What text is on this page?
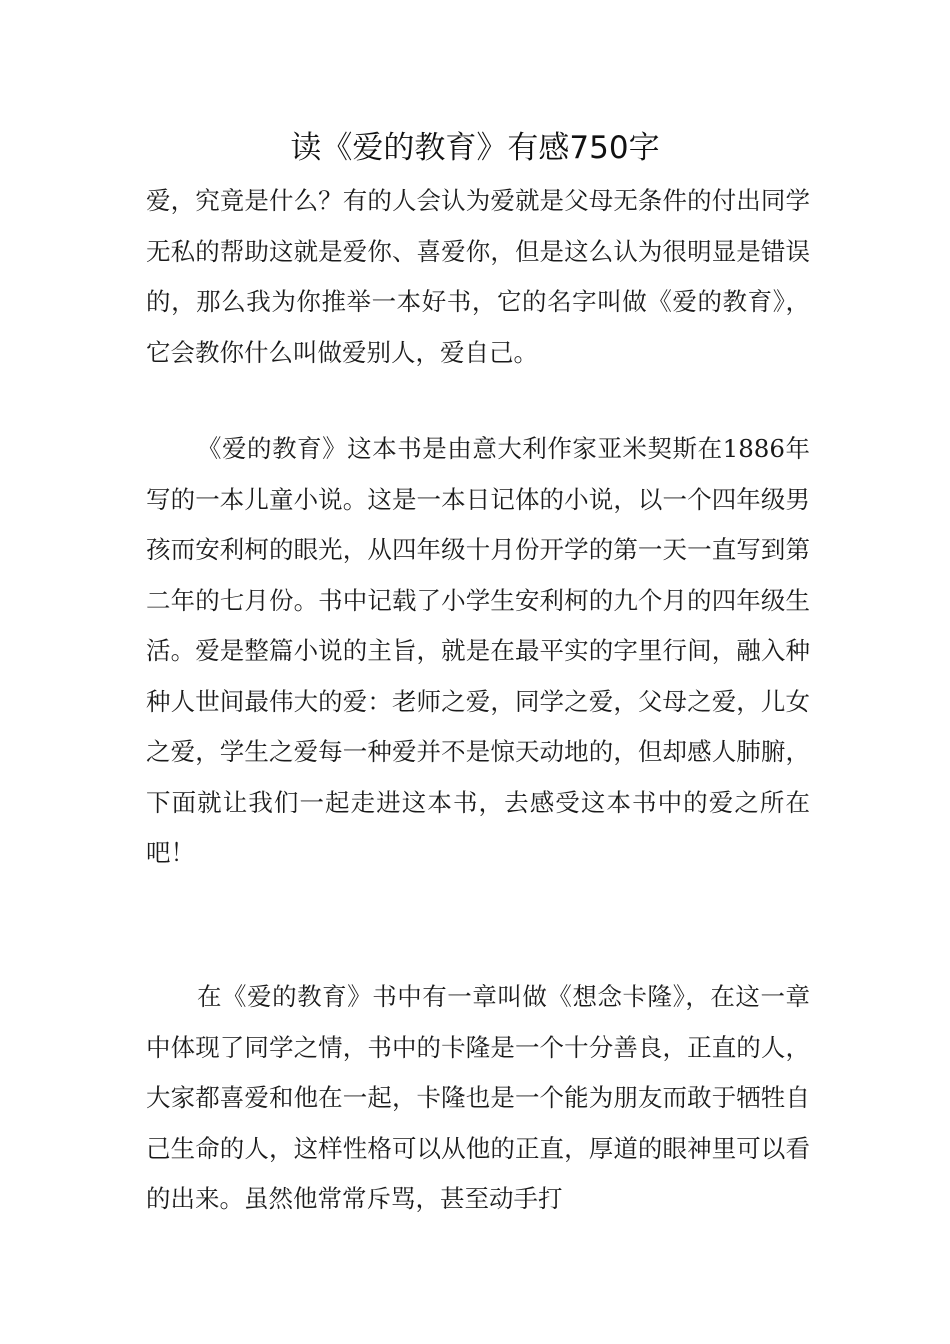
读《爱的教育》有感750字

爱，究竟是什么？有的人会认为爱就是父母无条件的付出同学无私的帮助这就是爱你、喜爱你，但是这么认为很明显是错误的，那么我为你推举一本好书，它的名字叫做《爱的教育》，它会教你什么叫做爱别人，爱自己。

《爱的教育》这本书是由意大利作家亚米契斯在1886年写的一本儿童小说。这是一本日记体的小说，以一个四年级男孩而安利柯的眼光，从四年级十月份开学的第一天一直写到第二年的七月份。书中记载了小学生安利柯的九个月的四年级生活。爱是整篇小说的主旨，就是在最平实的字里行间，融入种种人世间最伟大的爱：老师之爱，同学之爱，父母之爱，儿女之爱，学生之爱每一种爱并不是惊天动地的，但却感人肺腑，下面就让我们一起走进这本书，去感受这本书中的爱之所在吧！

在《爱的教育》书中有一章叫做《想念卡隆》，在这一章中体现了同学之情，书中的卡隆是一个十分善良，正直的人，大家都喜爱和他在一起，卡隆也是一个能为朋友而敢于牺牲自己生命的人，这样性格可以从他的正直，厚道的眼神里可以看的出来。虽然他常常斥骂，甚至动手打
